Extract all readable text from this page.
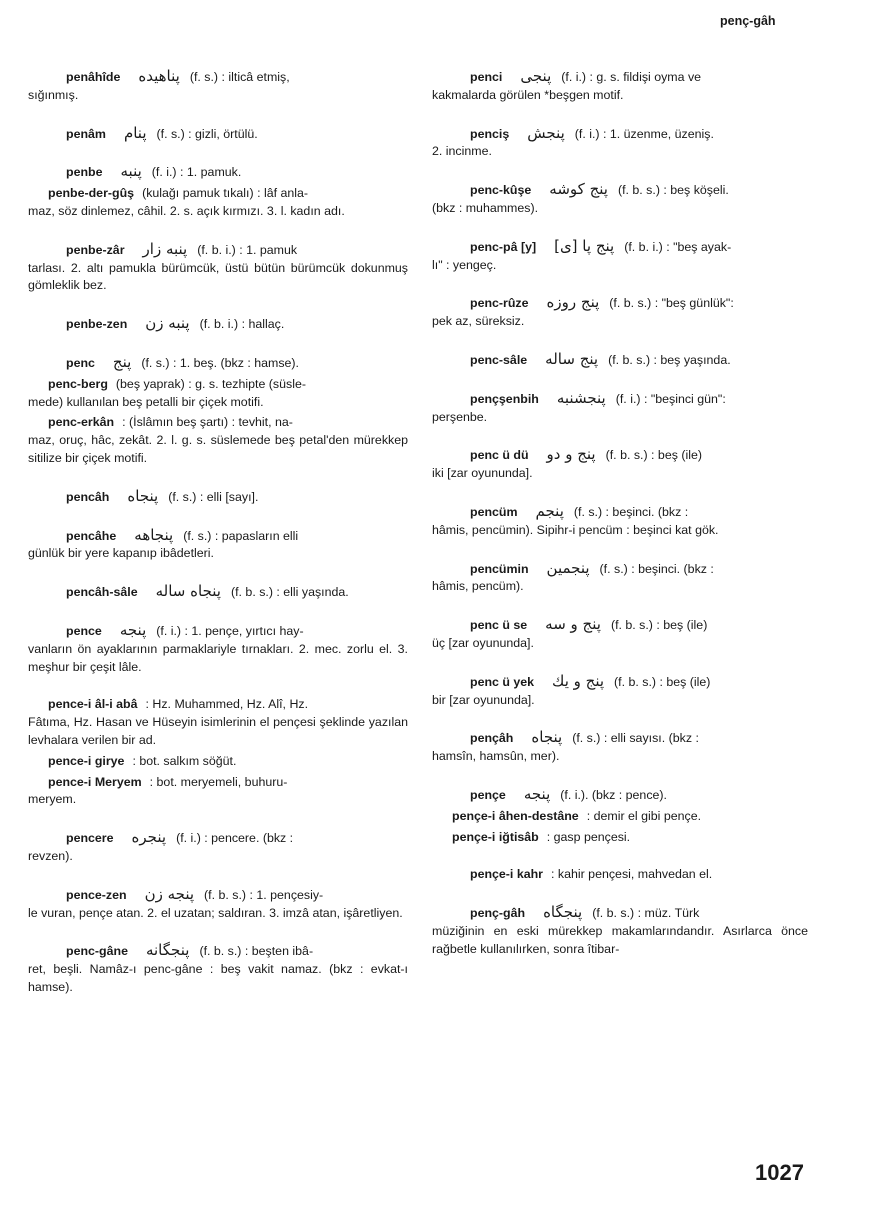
penç-gâh
penâhîde پناهیده (f. s.) : ilticâ etmiş,
sığınmış.
penâm پنام (f. s.) : gizli, örtülü.
penbe پنبه (f. i.) : 1. pamuk.
penbe-der-gûş (kulağı pamuk tıkalı) : lâf anla-
maz, söz dinlemez, câhil. 2. s. açık kırmızı. 3. l. kadın adı.
penbe-zâr پنبه زار (f. b. i.) : 1. pamuk
tarlası. 2. altı pamukla bürümcük, üstü bütün bürümcük dokunmuş gömleklik bez.
penbe-zen پنبه زن (f. b. i.) : hallaç.
penc پنج (f. s.) : 1. beş. (bkz : hamse).
penc-berg (beş yaprak) : g. s. tezhipte (süsle-
mede) kullanılan beş petalli bir çiçek motifi.
penc-erkân : (İslâmın beş şartı) : tevhit, na-
maz, oruç, hâc, zekât. 2. l. g. s. süslemede beş petal'den mürekkep sitilize bir çiçek motifi.
pencâh پنجاه (f. s.) : elli [sayı].
pencâhe پنجاهه (f. s.) : papasların elli
günlük bir yere kapanıp ibâdetleri.
pencâh-sâle پنجاه ساله (f. b. s.) : elli yaşında.
pence پنجه (f. i.) : 1. pençe, yırtıcı hay-
vanların ön ayaklarının parmaklariyle tırnakları. 2. mec. zorlu el. 3. meşhur bir çeşit lâle.
pence-i âl-i abâ : Hz. Muhammed, Hz. Alî, Hz.
Fâtıma, Hz. Hasan ve Hüseyin isimlerinin el pençesi şeklinde yazılan levhalara verilen bir ad.
pence-i girye : bot. salkım söğüt.
pence-i Meryem : bot. meryemeli, buhuru-
meryem.
pencere پنجره (f. i.) : pencere. (bkz :
revzen).
pence-zen پنجه زن (f. b. s.) : 1. pençesiy-
le vuran, pençe atan. 2. el uzatan; saldıran. 3. imzâ atan, işâretliyen.
penc-gâne پنجگانه (f. b. s.) : beşten ibâ-
ret, beşli. Namâz-ı penc-gâne : beş vakit namaz. (bkz : evkat-ı hamse).
penci پنجی (f. i.) : g. s. fildişi oyma ve
kakmalarda görülen *beşgen motif.
penciş پنجش (f. i.) : 1. üzenme, üzeniş.
2. incinme.
penc-kûşe پنج كوشه (f. b. s.) : beş köşeli.
(bkz : muhammes).
penc-pâ [y] پنج پا [ى] (f. b. i.) : "beş ayak-
lı" : yengeç.
penc-rûze پنج روزه (f. b. s.) : "beş günlük":
pek az, süreksiz.
penc-sâle پنج ساله (f. b. s.) : beş yaşında.
pençşenbih پنجشنبه (f. i.) : "beşinci gün":
perşenbe.
penc ü dü پنج و دو (f. b. s.) : beş (ile)
iki [zar oyununda].
pencüm پنجم (f. s.) : beşinci. (bkz :
hâmis, pencümin). Sipihr-i pencüm : beşinci kat gök.
pencümin پنجمين (f. s.) : beşinci. (bkz :
hâmis, pencüm).
penc ü se پنج و سه (f. b. s.) : beş (ile)
üç [zar oyununda].
penc ü yek پنج و يك (f. b. s.) : beş (ile)
bir [zar oyununda].
pençâh پنجاه (f. s.) : elli sayısı. (bkz :
hamsîn, hamsûn, mer).
pençe پنجه (f. i.). (bkz : pence).
pençe-i âhen-destâne : demir el gibi pençe.
pençe-i iğtisâb : gasp pençesi.
pençe-i kahr : kahir pençesi, mahvedan el.
penç-gâh پنجگاه (f. b. s.) : müz. Türk
müziğinin en eski mürekkep makamlarındandır. Asırlarca önce rağbetle kullanılırken, sonra îtibar-
1027
